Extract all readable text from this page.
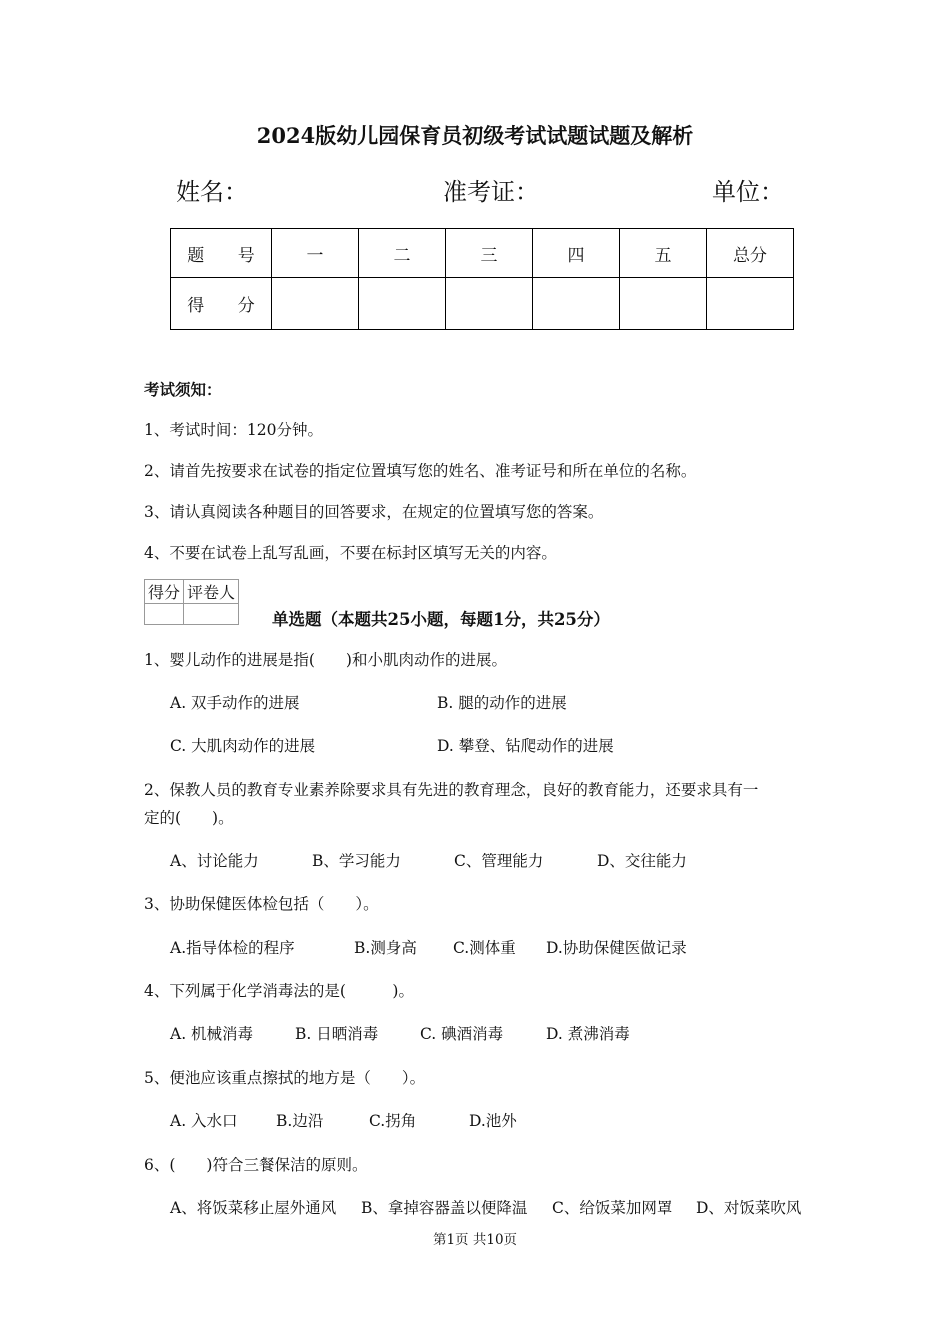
2024版幼儿园保育员初级考试试题试题及解析
姓名：	准考证：	单位：
题 号	一	二	三	四	五	总分
得 分						
考试须知：
1、考试时间：120分钟。
2、请首先按要求在试卷的指定位置填写您的姓名、准考证号和所在单位的名称。
3、请认真阅读各种题目的回答要求，在规定的位置填写您的答案。
4、不要在试卷上乱写乱画，不要在标封区填写无关的内容。
得分	评卷人

单选题（本题共25小题，每题1分，共25分）
1、婴儿动作的进展是指(　　)和小肌肉动作的进展。
A. 双手动作的进展	B. 腿的动作的进展
C. 大肌肉动作的进展	D. 攀登、钻爬动作的进展
2、保教人员的教育专业素养除要求具有先进的教育理念，良好的教育能力，还要求具有一
定的(　　)。
A、讨论能力	B、学习能力	C、管理能力	D、交往能力
3、协助保健医体检包括（　　）。
A.指导体检的程序	B.测身高 C.测体重 D.协助保健医做记录
4、下列属于化学消毒法的是(　　　)。
A. 机械消毒	B. 日晒消毒	C. 碘酒消毒	D. 煮沸消毒
5、便池应该重点擦拭的地方是（　　）。
A. 入水口 B.边沿	C.拐角	D.池外
6、(　　)符合三餐保洁的原则。
A、将饭菜移止屋外通风 B、拿掉容器盖以便降温 C、给饭菜加网罩 D、对饭菜吹风
第1页 共10页
